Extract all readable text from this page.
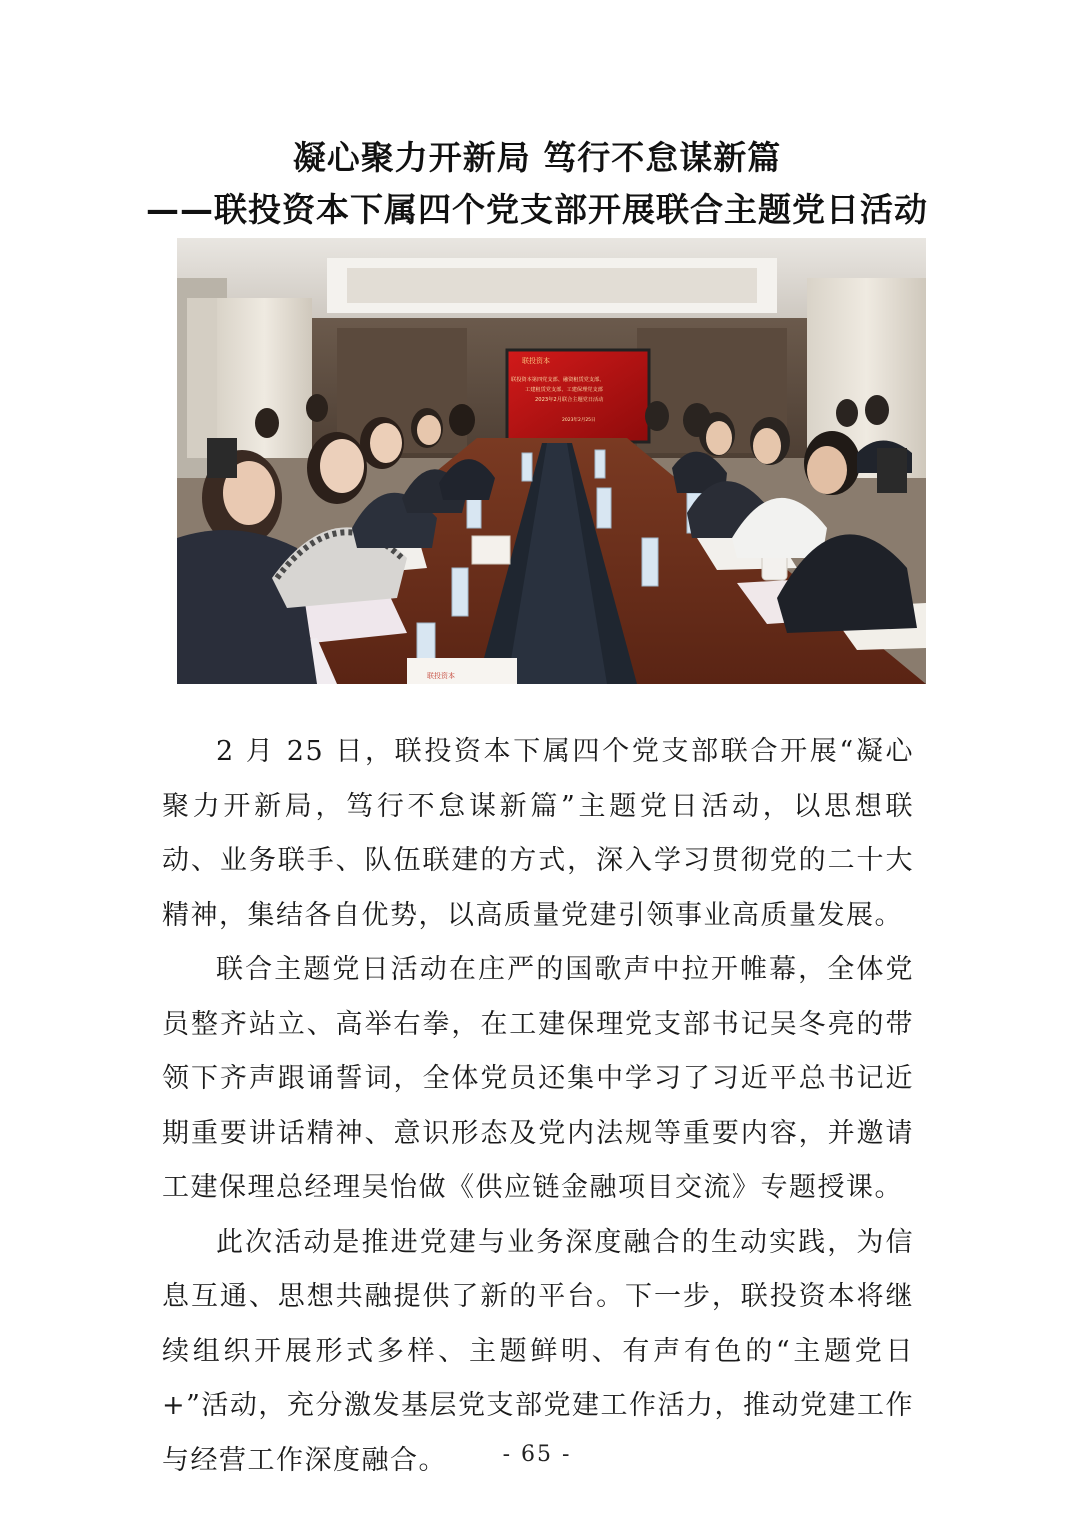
凝心聚力开新局 笃行不怠谋新篇
——联投资本下属四个党支部开展联合主题党日活动
联投资本
联投资本第四党支部、融资租赁党支部、
工建租赁党支部、工建保理党支部
2023年2月联合主题党日活动
2023年2月25日
联投资本

2 月 25 日，联投资本下属四个党支部联合开展“凝心聚力开新局，笃行不怠谋新篇”主题党日活动，以思想联动、业务联手、队伍联建的方式，深入学习贯彻党的二十大精神，集结各自优势，以高质量党建引领事业高质量发展。

联合主题党日活动在庄严的国歌声中拉开帷幕，全体党员整齐站立、高举右拳，在工建保理党支部书记吴冬亮的带领下齐声跟诵誓词，全体党员还集中学习了习近平总书记近期重要讲话精神、意识形态及党内法规等重要内容，并邀请工建保理总经理吴怡做《供应链金融项目交流》专题授课。

此次活动是推进党建与业务深度融合的生动实践，为信息互通、思想共融提供了新的平台。下一步，联投资本将继续组织开展形式多样、主题鲜明、有声有色的“主题党日+”活动，充分激发基层党支部党建工作活力，推动党建工作与经营工作深度融合。	- 65 -
